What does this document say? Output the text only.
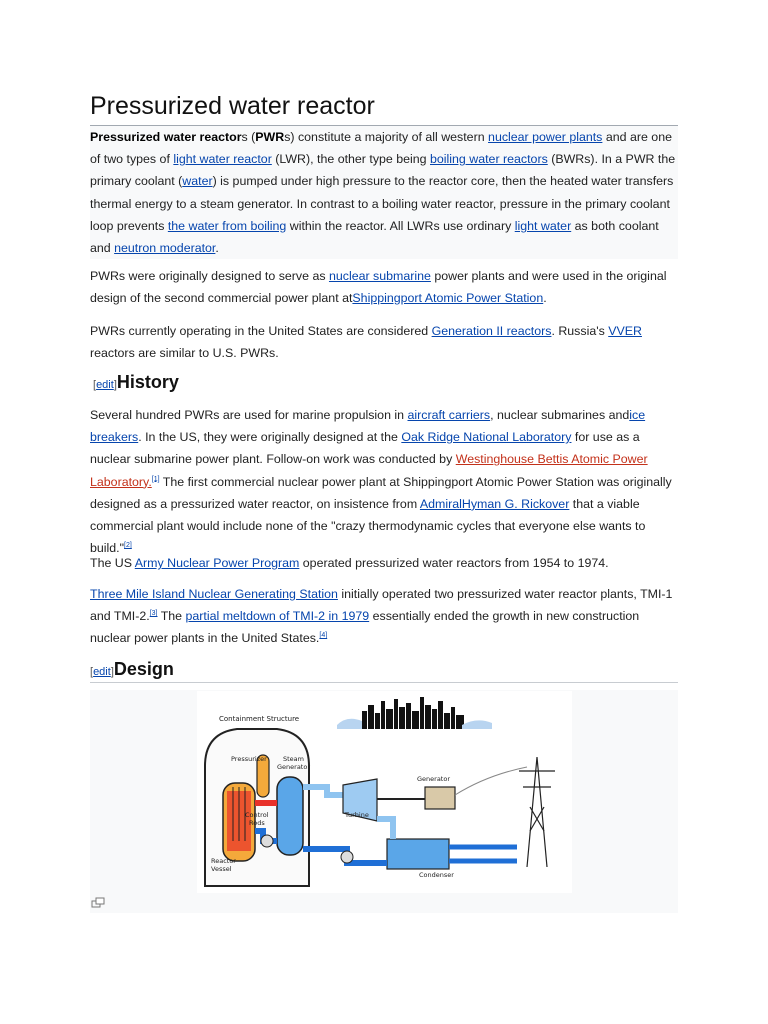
Pressurized water reactor

Pressurized water reactors (PWRs) constitute a majority of all western nuclear power plants and are one of two types of light water reactor (LWR), the other type being boiling water reactors (BWRs). In a PWR the primary coolant (water) is pumped under high pressure to the reactor core, then the heated water transfers thermal energy to a steam generator. In contrast to a boiling water reactor, pressure in the primary coolant loop prevents the water from boiling within the reactor. All LWRs use ordinary light water as both coolant and neutron moderator.

PWRs were originally designed to serve as nuclear submarine power plants and were used in the original design of the second commercial power plant atShippingport Atomic Power Station.

PWRs currently operating in the United States are considered Generation II reactors. Russia's VVER reactors are similar to U.S. PWRs.

[edit]History

Several hundred PWRs are used for marine propulsion in aircraft carriers, nuclear submarines andice breakers. In the US, they were originally designed at the Oak Ridge National Laboratory for use as a nuclear submarine power plant. Follow-on work was conducted by Westinghouse Bettis Atomic Power Laboratory.[1] The first commercial nuclear power plant at Shippingport Atomic Power Station was originally designed as a pressurized water reactor, on insistence from AdmiralHyman G. Rickover that a viable commercial plant would include none of the "crazy thermodynamic cycles that everyone else wants to build."[2]

The US Army Nuclear Power Program operated pressurized water reactors from 1954 to 1974.

Three Mile Island Nuclear Generating Station initially operated two pressurized water reactor plants, TMI-1 and TMI-2.[3] The partial meltdown of TMI-2 in 1979 essentially ended the growth in new construction nuclear power plants in the United States.[4]

[edit]Design
Containment Structure
Pressurizer Steam
Generator
Control
Rods
Reactor
Vessel
Turbine
Generator
Condenser
